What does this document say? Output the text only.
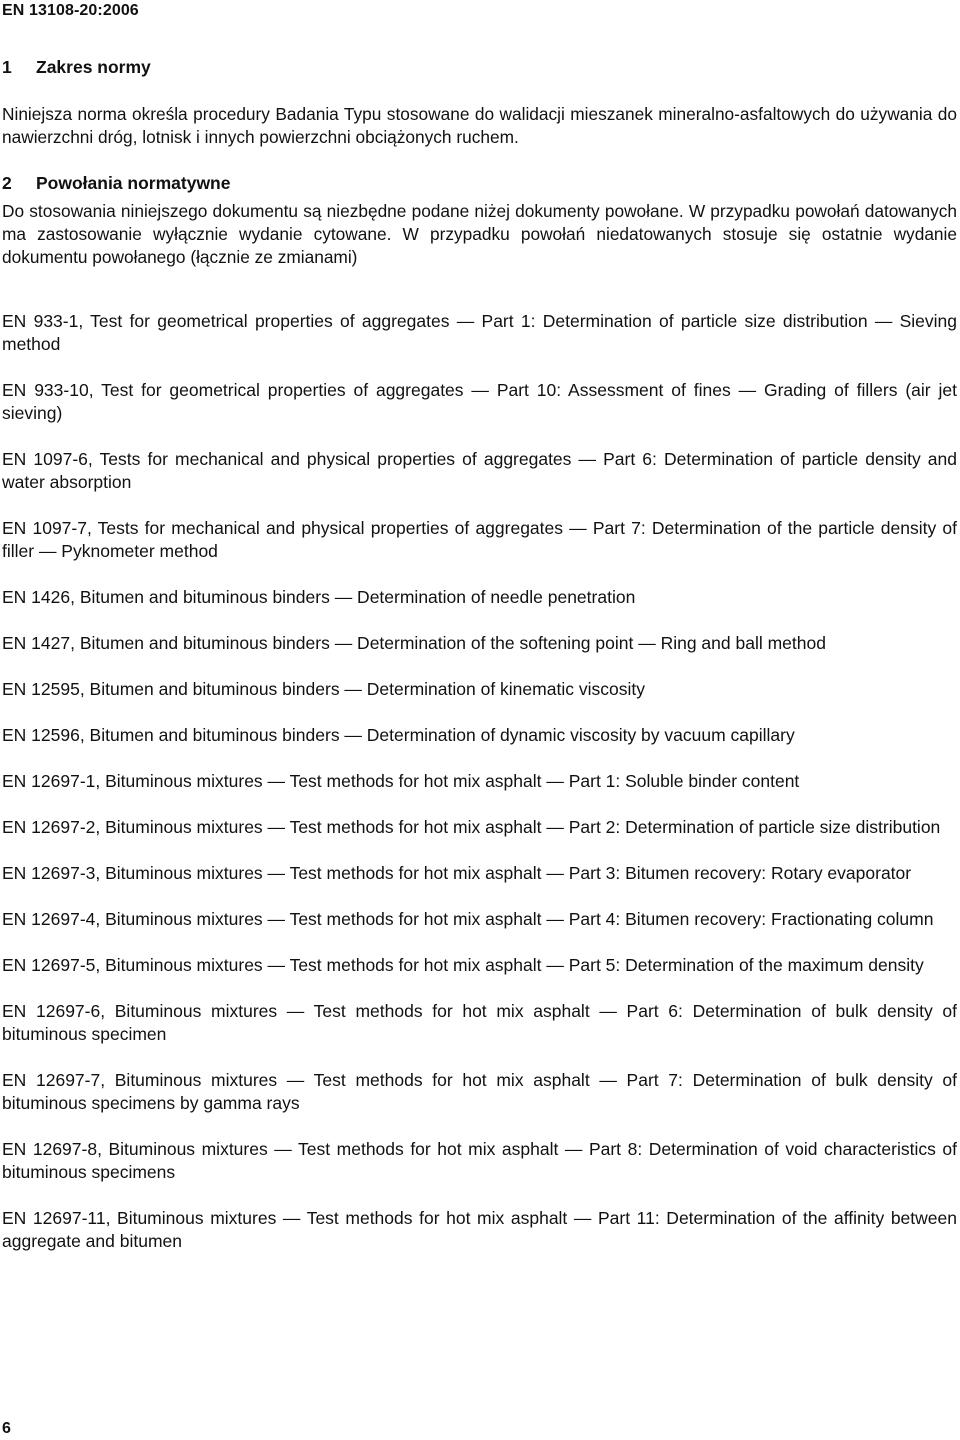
EN 13108-20:2006
1 Zakres normy

Niniejsza norma określa procedury Badania Typu stosowane do walidacji mieszanek mineralno-asfaltowych do używania do nawierzchni dróg, lotnisk i innych powierzchni obciążonych ruchem.

2 Powołania normatywne

Do stosowania niniejszego dokumentu są niezbędne podane niżej dokumenty powołane. W przypadku powołań datowanych ma zastosowanie wyłącznie wydanie cytowane. W przypadku powołań niedatowanych stosuje się ostatnie wydanie dokumentu powołanego (łącznie ze zmianami)

EN 933-1, Test for geometrical properties of aggregates — Part 1: Determination of particle size distribution — Sieving method
EN 933-10, Test for geometrical properties of aggregates — Part 10: Assessment of fines — Grading of fillers (air jet sieving)
EN 1097-6, Tests for mechanical and physical properties of aggregates — Part 6: Determination of particle density and water absorption
EN 1097-7, Tests for mechanical and physical properties of aggregates — Part 7: Determination of the particle density of filler — Pyknometer method
EN 1426, Bitumen and bituminous binders — Determination of needle penetration
EN 1427, Bitumen and bituminous binders — Determination of the softening point — Ring and ball method
EN 12595, Bitumen and bituminous binders — Determination of kinematic viscosity
EN 12596, Bitumen and bituminous binders — Determination of dynamic viscosity by vacuum capillary
EN 12697-1, Bituminous mixtures — Test methods for hot mix asphalt — Part 1: Soluble binder content
EN 12697-2, Bituminous mixtures — Test methods for hot mix asphalt — Part 2: Determination of particle size distribution
EN 12697-3, Bituminous mixtures — Test methods for hot mix asphalt — Part 3: Bitumen recovery: Rotary evaporator
EN 12697-4, Bituminous mixtures — Test methods for hot mix asphalt — Part 4: Bitumen recovery: Fractionating column
EN 12697-5, Bituminous mixtures — Test methods for hot mix asphalt — Part 5: Determination of the maximum density
EN 12697-6, Bituminous mixtures — Test methods for hot mix asphalt — Part 6: Determination of bulk density of bituminous specimen
EN 12697-7, Bituminous mixtures — Test methods for hot mix asphalt — Part 7: Determination of bulk density of bituminous specimens by gamma rays
EN 12697-8, Bituminous mixtures — Test methods for hot mix asphalt — Part 8: Determination of void characteristics of bituminous specimens
EN 12697-11, Bituminous mixtures — Test methods for hot mix asphalt — Part 11: Determination of the affinity between aggregate and bitumen
6
